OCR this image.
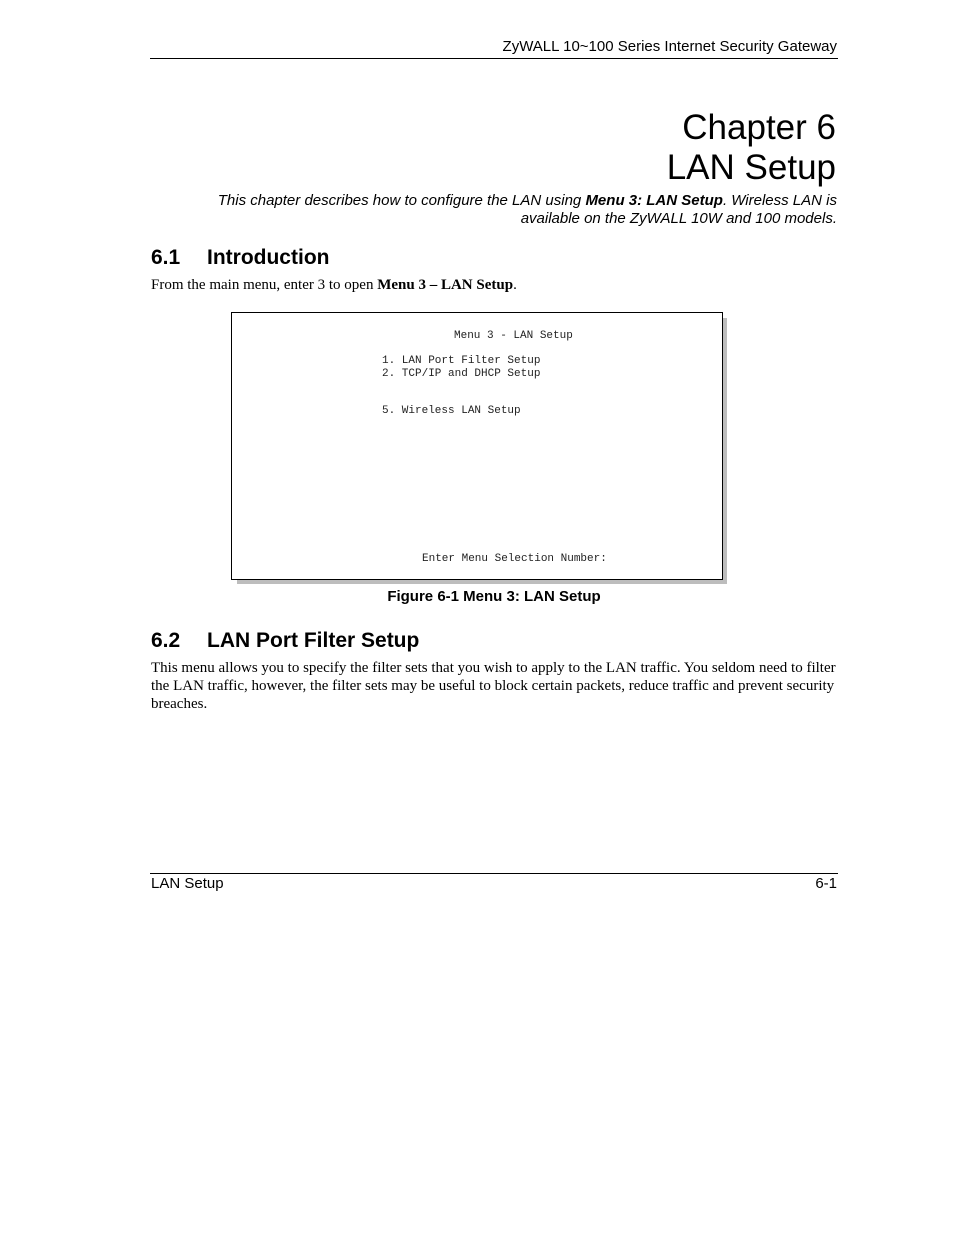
ZyWALL 10~100 Series Internet Security Gateway
Chapter 6
LAN Setup
This chapter describes how to configure the LAN using Menu 3: LAN Setup. Wireless LAN is available on the ZyWALL 10W and 100 models.
6.1 Introduction
From the main menu, enter 3 to open Menu 3 – LAN Setup.
Menu 3 - LAN Setup
1. LAN Port Filter Setup
2. TCP/IP and DHCP Setup
5. Wireless LAN Setup
Enter Menu Selection Number:
Figure 6-1 Menu 3: LAN Setup
6.2 LAN Port Filter Setup
This menu allows you to specify the filter sets that you wish to apply to the LAN traffic. You seldom need to filter the LAN traffic, however, the filter sets may be useful to block certain packets, reduce traffic and prevent security breaches.
LAN Setup	6-1
